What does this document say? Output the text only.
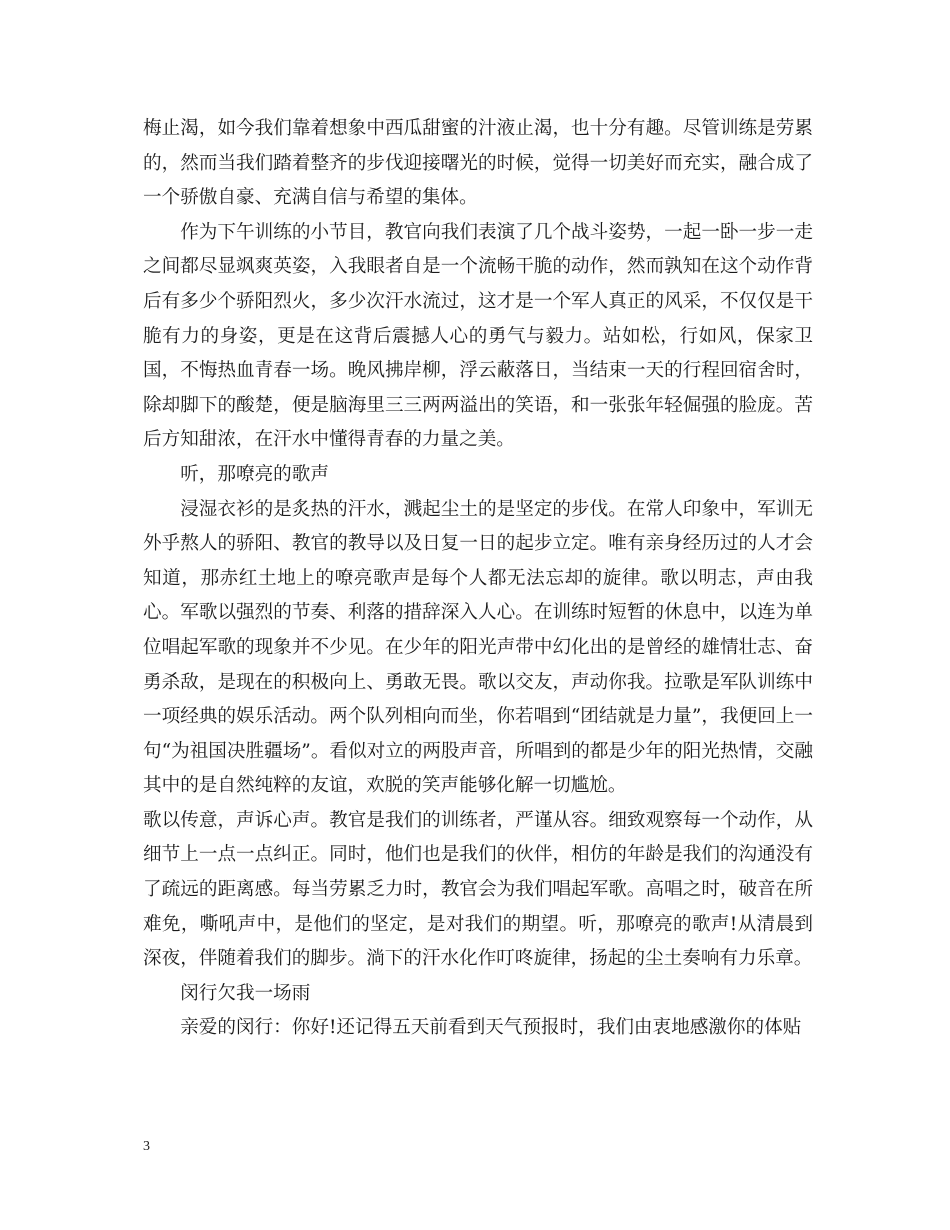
梅止渴，如今我们靠着想象中西瓜甜蜜的汁液止渴，也十分有趣。尽管训练是劳累的，然而当我们踏着整齐的步伐迎接曙光的时候，觉得一切美好而充实，融合成了一个骄傲自豪、充满自信与希望的集体。

作为下午训练的小节目，教官向我们表演了几个战斗姿势，一起一卧一步一走之间都尽显飒爽英姿，入我眼者自是一个流畅干脆的动作，然而孰知在这个动作背后有多少个骄阳烈火，多少次汗水流过，这才是一个军人真正的风采，不仅仅是干脆有力的身姿，更是在这背后震撼人心的勇气与毅力。站如松，行如风，保家卫国，不悔热血青春一场。晚风拂岸柳，浮云蔽落日，当结束一天的行程回宿舍时，除却脚下的酸楚，便是脑海里三三两两溢出的笑语，和一张张年轻倔强的脸庞。苦后方知甜浓，在汗水中懂得青春的力量之美。

听，那嘹亮的歌声

浸湿衣衫的是炙热的汗水，溅起尘土的是坚定的步伐。在常人印象中，军训无外乎熬人的骄阳、教官的教导以及日复一日的起步立定。唯有亲身经历过的人才会知道，那赤红土地上的嘹亮歌声是每个人都无法忘却的旋律。歌以明志，声由我心。军歌以强烈的节奏、利落的措辞深入人心。在训练时短暂的休息中，以连为单位唱起军歌的现象并不少见。在少年的阳光声带中幻化出的是曾经的雄情壮志、奋勇杀敌，是现在的积极向上、勇敢无畏。歌以交友，声动你我。拉歌是军队训练中一项经典的娱乐活动。两个队列相向而坐，你若唱到“团结就是力量”，我便回上一句“为祖国决胜疆场”。看似对立的两股声音，所唱到的都是少年的阳光热情，交融其中的是自然纯粹的友谊，欢脱的笑声能够化解一切尴尬。

歌以传意，声诉心声。教官是我们的训练者，严谨从容。细致观察每一个动作，从细节上一点一点纠正。同时，他们也是我们的伙伴，相仿的年龄是我们的沟通没有了疏远的距离感。每当劳累乏力时，教官会为我们唱起军歌。高唱之时，破音在所难免，嘶吼声中，是他们的坚定，是对我们的期望。听，那嘹亮的歌声!从清晨到深夜，伴随着我们的脚步。淌下的汗水化作叮咚旋律，扬起的尘土奏响有力乐章。

闵行欠我一场雨

亲爱的闵行：你好!还记得五天前看到天气预报时，我们由衷地感激你的体贴

3
